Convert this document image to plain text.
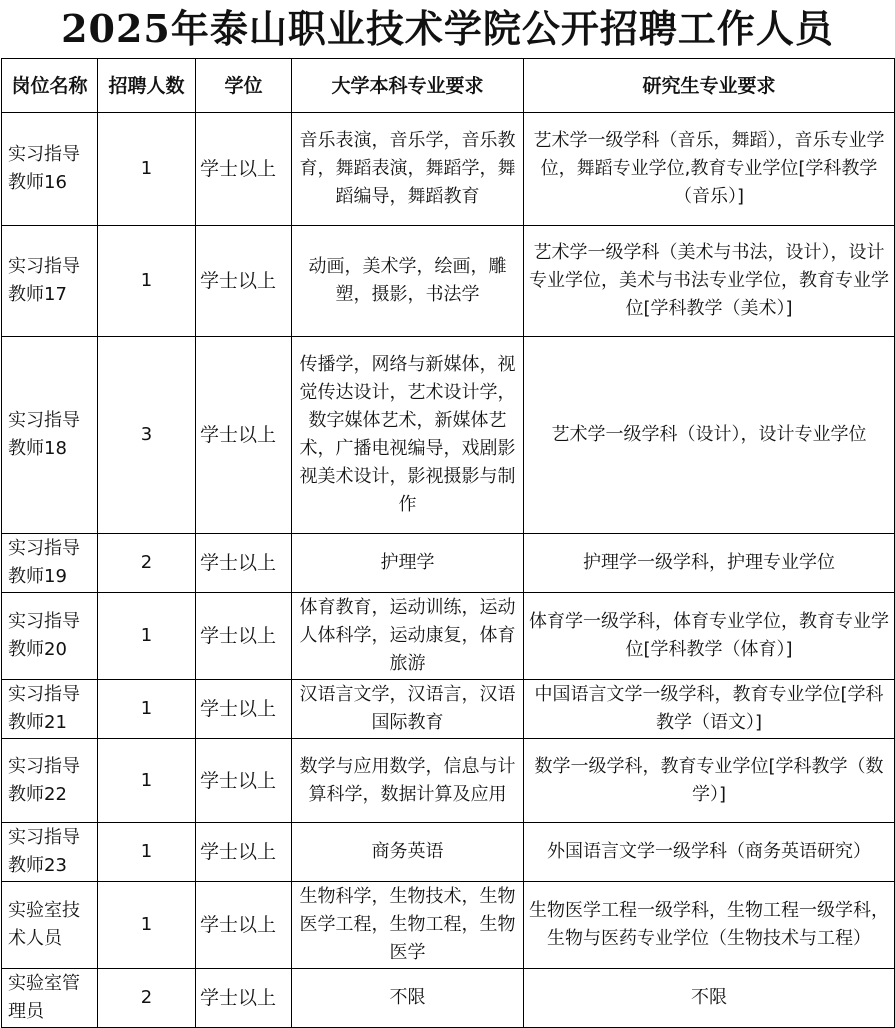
2025年泰山职业技术学院公开招聘工作人员
岗位名称	招聘人数	学位	大学本科专业要求	研究生专业要求
实习指导教师16	1	学士以上	音乐表演，音乐学，音乐教育，舞蹈表演，舞蹈学，舞蹈编导，舞蹈教育	艺术学一级学科（音乐，舞蹈），音乐专业学位，舞蹈专业学位,教育专业学位[学科教学（音乐）]
实习指导教师17	1	学士以上	动画，美术学，绘画，雕塑，摄影，书法学	艺术学一级学科（美术与书法，设计），设计专业学位，美术与书法专业学位，教育专业学位[学科教学（美术）]
实习指导教师18	3	学士以上	传播学，网络与新媒体，视觉传达设计，艺术设计学，数字媒体艺术，新媒体艺术，广播电视编导，戏剧影视美术设计，影视摄影与制作	艺术学一级学科（设计），设计专业学位
实习指导教师19	2	学士以上	护理学	护理学一级学科，护理专业学位
实习指导教师20	1	学士以上	体育教育，运动训练，运动人体科学，运动康复，体育旅游	体育学一级学科，体育专业学位，教育专业学位[学科教学（体育）]
实习指导教师21	1	学士以上	汉语言文学，汉语言，汉语国际教育	中国语言文学一级学科，教育专业学位[学科教学（语文）]
实习指导教师22	1	学士以上	数学与应用数学，信息与计算科学，数据计算及应用	数学一级学科，教育专业学位[学科教学（数学）]
实习指导教师23	1	学士以上	商务英语	外国语言文学一级学科（商务英语研究）
实验室技术人员	1	学士以上	生物科学，生物技术，生物医学工程，生物工程，生物医学	生物医学工程一级学科，生物工程一级学科，生物与医药专业学位（生物技术与工程）
实验室管理员	2	学士以上	不限	不限
